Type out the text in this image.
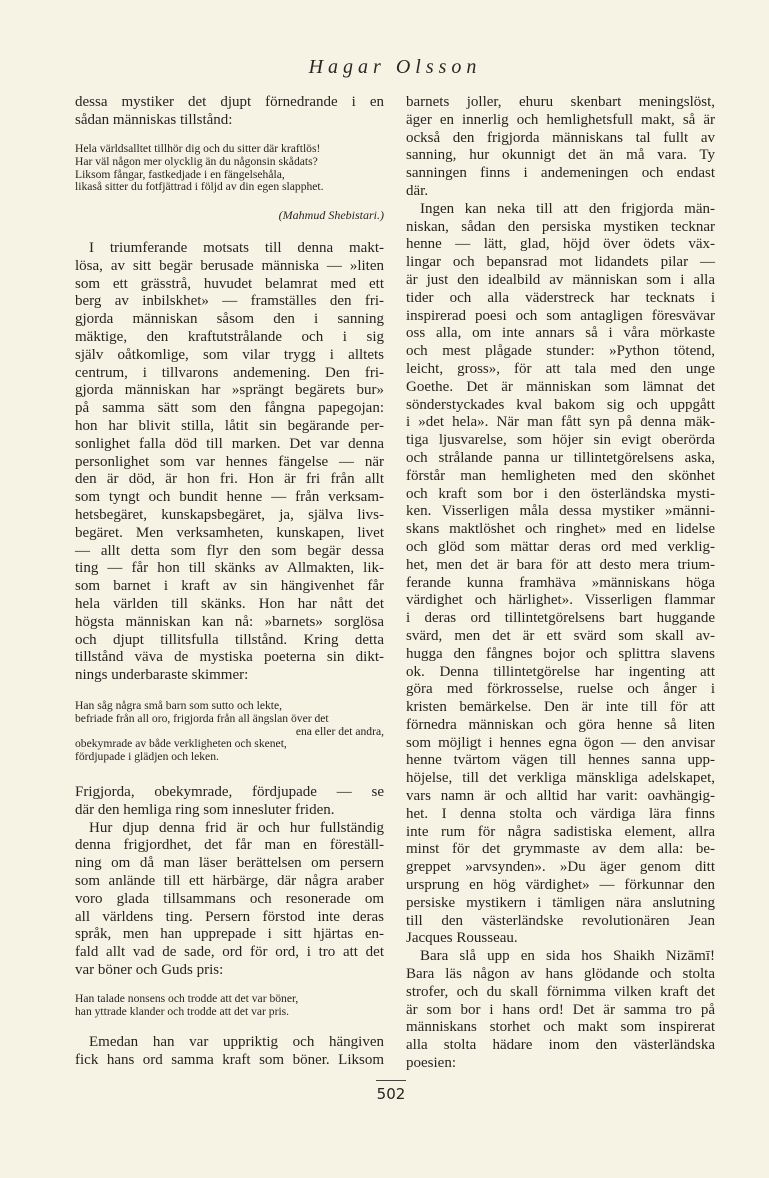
Hagar Olsson
dessa mystiker det djupt förnedrande i en
sådan människas tillstånd:
Hela världsalltet tillhör dig och du sitter där kraftlös!
Har väl någon mer olycklig än du någonsin skådats?
Liksom fångar, fastkedjade i en fängelsehåla,
likaså sitter du fotfjättrad i följd av din egen slapphet.
(Mahmud Shebistari.)
I triumferande motsats till denna makt-
lösa, av sitt begär berusade människa — »liten
som ett grässtrå, huvudet belamrat med ett
berg av inbilskhet» — framställes den fri-
gjorda människan såsom den i sanning
mäktige, den kraftutstrålande och i sig
själv oåtkomlige, som vilar trygg i alltets
centrum, i tillvarons andemening. Den fri-
gjorda människan har »sprängt begärets bur»
på samma sätt som den fångna papegojan:
hon har blivit stilla, låtit sin begärande per-
sonlighet falla död till marken. Det var denna
personlighet som var hennes fängelse — när
den är död, är hon fri. Hon är fri från allt
som tyngt och bundit henne — från verksam-
hetsbegäret, kunskapsbegäret, ja, själva livs-
begäret. Men verksamheten, kunskapen, livet
— allt detta som flyr den som begär dessa
ting — får hon till skänks av Allmakten, lik-
som barnet i kraft av sin hängivenhet får
hela världen till skänks. Hon har nått det
högsta människan kan nå: »barnets» sorglösa
och djupt tillitsfulla tillstånd. Kring detta
tillstånd väva de mystiska poeterna sin dikt-
nings underbaraste skimmer:
Han såg några små barn som sutto och lekte,
befriade från all oro, frigjorda från all ängslan över det
ena eller det andra,
obekymrade av både verkligheten och skenet,
fördjupade i glädjen och leken.
Frigjorda, obekymrade, fördjupade — se
där den hemliga ring som innesluter friden.
Hur djup denna frid är och hur fullständig
denna frigjordhet, det får man en föreställ-
ning om då man läser berättelsen om persern
som anlände till ett härbärge, där några araber
voro glada tillsammans och resonerade om
all världens ting. Persern förstod inte deras
språk, men han upprepade i sitt hjärtas en-
fald allt vad de sade, ord för ord, i tro att det
var böner och Guds pris:
Han talade nonsens och trodde att det var böner,
han yttrade klander och trodde att det var pris.
Emedan han var uppriktig och hängiven
fick hans ord samma kraft som böner. Liksom
barnets joller, ehuru skenbart meningslöst,
äger en innerlig och hemlighetsfull makt, så är
också den frigjorda människans tal fullt av
sanning, hur okunnigt det än må vara. Ty
sanningen finns i andemeningen och endast
där.
Ingen kan neka till att den frigjorda män-
niskan, sådan den persiska mystiken tecknar
henne — lätt, glad, höjd över ödets väx-
lingar och bepansrad mot lidandets pilar —
är just den idealbild av människan som i alla
tider och alla väderstreck har tecknats i
inspirerad poesi och som antagligen föresvävar
oss alla, om inte annars så i våra mörkaste
och mest plågade stunder: »Python tötend,
leicht, gross», för att tala med den unge
Goethe. Det är människan som lämnat det
sönderstyckades kval bakom sig och uppgått
i »det hela». När man fått syn på denna mäk-
tiga ljusvarelse, som höjer sin evigt oberörda
och strålande panna ur tillintetgörelsens aska,
förstår man hemligheten med den skönhet
och kraft som bor i den österländska mysti-
ken. Visserligen måla dessa mystiker »männi-
skans maktlöshet och ringhet» med en lidelse
och glöd som mättar deras ord med verklig-
het, men det är bara för att desto mera trium-
ferande kunna framhäva »människans höga
värdighet och härlighet». Visserligen flammar
i deras ord tillintetgörelsens bart huggande
svärd, men det är ett svärd som skall av-
hugga den fångnes bojor och splittra slavens
ok. Denna tillintetgörelse har ingenting att
göra med förkrosselse, ruelse och ånger i
kristen bemärkelse. Den är inte till för att
förnedra människan och göra henne så liten
som möjligt i hennes egna ögon — den anvisar
henne tvärtom vägen till hennes sanna upp-
höjelse, till det verkliga mänskliga adelskapet,
vars namn är och alltid har varit: oavhängig-
het. I denna stolta och värdiga lära finns
inte rum för några sadistiska element, allra
minst för det grymmaste av dem alla: be-
greppet »arvsynden». »Du äger genom ditt
ursprung en hög värdighet» — förkunnar den
persiske mystikern i tämligen nära anslutning
till den västerländske revolutionären Jean
Jacques Rousseau.
Bara slå upp en sida hos Shaikh Nizāmī!
Bara läs någon av hans glödande och stolta
strofer, och du skall förnimma vilken kraft det
är som bor i hans ord! Det är samma tro på
människans storhet och makt som inspirerat
alla stolta hädare inom den västerländska
poesien:
502
